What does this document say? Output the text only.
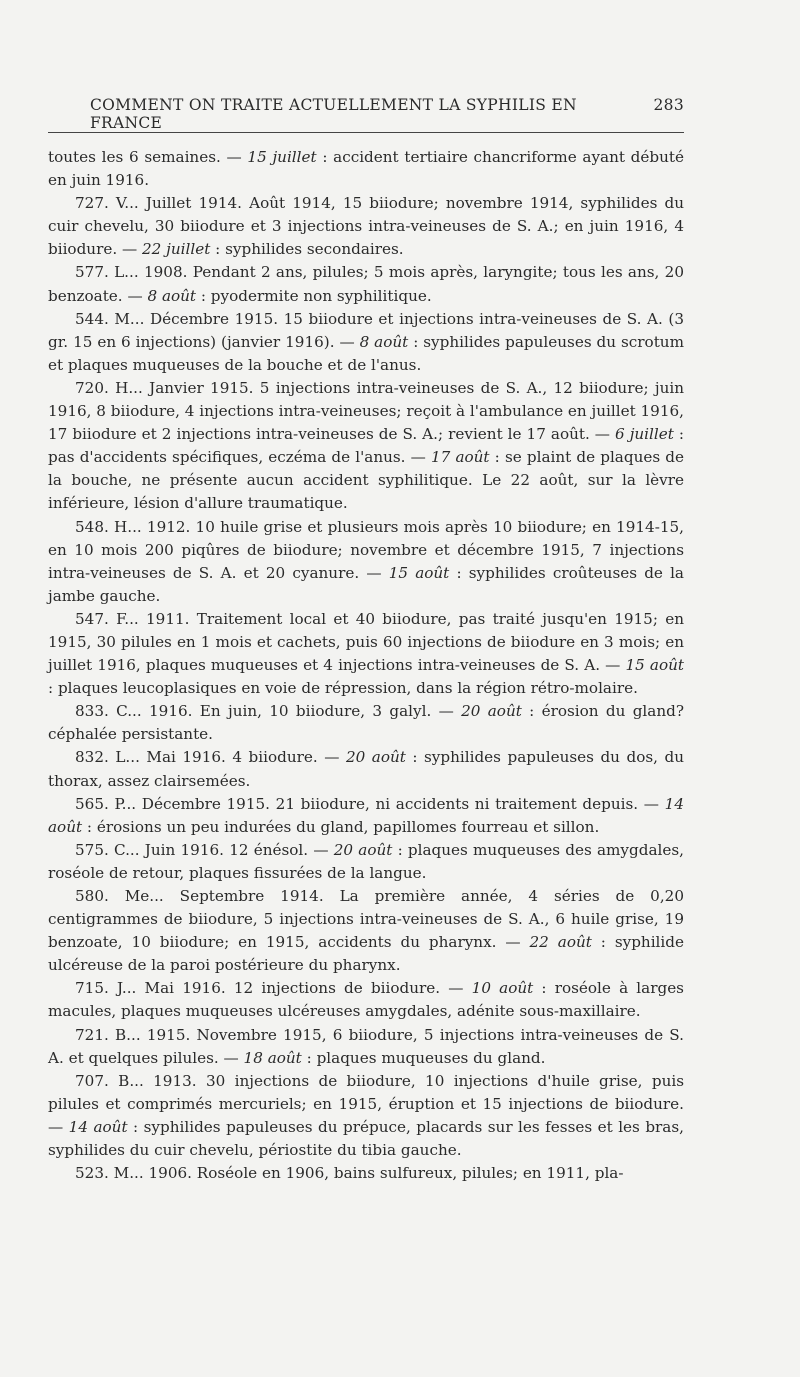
COMMENT ON TRAITE ACTUELLEMENT LA SYPHILIS EN FRANCE
283

toutes les 6 semaines. — 15 juillet : accident tertiaire chancriforme ayant débuté en juin 1916.

727. V... Juillet 1914. Août 1914, 15 biiodure; novembre 1914, syphilides du cuir chevelu, 30 biiodure et 3 injections intra-veineuses de S. A.; en juin 1916, 4 biiodure. — 22 juillet : syphilides secondaires.

577. L... 1908. Pendant 2 ans, pilules; 5 mois après, laryngite; tous les ans, 20 benzoate. — 8 août : pyodermite non syphilitique.

544. M... Décembre 1915. 15 biiodure et injections intra-veineuses de S. A. (3 gr. 15 en 6 injections) (janvier 1916). — 8 août : syphilides papuleuses du scrotum et plaques muqueuses de la bouche et de l'anus.

720. H... Janvier 1915. 5 injections intra-veineuses de S. A., 12 biiodure; juin 1916, 8 biiodure, 4 injections intra-veineuses; reçoit à l'ambulance en juillet 1916, 17 biiodure et 2 injections intra-veineuses de S. A.; revient le 17 août. — 6 juillet : pas d'accidents spécifiques, eczéma de l'anus. — 17 août : se plaint de plaques de la bouche, ne présente aucun accident syphilitique. Le 22 août, sur la lèvre inférieure, lésion d'allure traumatique.

548. H... 1912. 10 huile grise et plusieurs mois après 10 biiodure; en 1914-15, en 10 mois 200 piqûres de biiodure; novembre et décembre 1915, 7 injections intra-veineuses de S. A. et 20 cyanure. — 15 août : syphilides croûteuses de la jambe gauche.

547. F... 1911. Traitement local et 40 biiodure, pas traité jusqu'en 1915; en 1915, 30 pilules en 1 mois et cachets, puis 60 injections de biiodure en 3 mois; en juillet 1916, plaques muqueuses et 4 injections intra-veineuses de S. A. — 15 août : plaques leucoplasiques en voie de répression, dans la région rétro-molaire.

833. C... 1916. En juin, 10 biiodure, 3 galyl. — 20 août : érosion du gland? céphalée persistante.

832. L... Mai 1916. 4 biiodure. — 20 août : syphilides papuleuses du dos, du thorax, assez clairsemées.

565. P... Décembre 1915. 21 biiodure, ni accidents ni traitement depuis. — 14 août : érosions un peu indurées du gland, papillomes fourreau et sillon.

575. C... Juin 1916. 12 énésol. — 20 août : plaques muqueuses des amygdales, roséole de retour, plaques fissurées de la langue.

580. Me... Septembre 1914. La première année, 4 séries de 0,20 centigrammes de biiodure, 5 injections intra-veineuses de S. A., 6 huile grise, 19 benzoate, 10 biiodure; en 1915, accidents du pharynx. — 22 août : syphilide ulcéreuse de la paroi postérieure du pharynx.

715. J... Mai 1916. 12 injections de biiodure. — 10 août : roséole à larges macules, plaques muqueuses ulcéreuses amygdales, adénite sous-maxillaire.

721. B... 1915. Novembre 1915, 6 biiodure, 5 injections intra-veineuses de S. A. et quelques pilules. — 18 août : plaques muqueuses du gland.

707. B... 1913. 30 injections de biiodure, 10 injections d'huile grise, puis pilules et comprimés mercuriels; en 1915, éruption et 15 injections de biiodure. — 14 août : syphilides papuleuses du prépuce, placards sur les fesses et les bras, syphilides du cuir chevelu, périostite du tibia gauche.

523. M... 1906. Roséole en 1906, bains sulfureux, pilules; en 1911, pla-
